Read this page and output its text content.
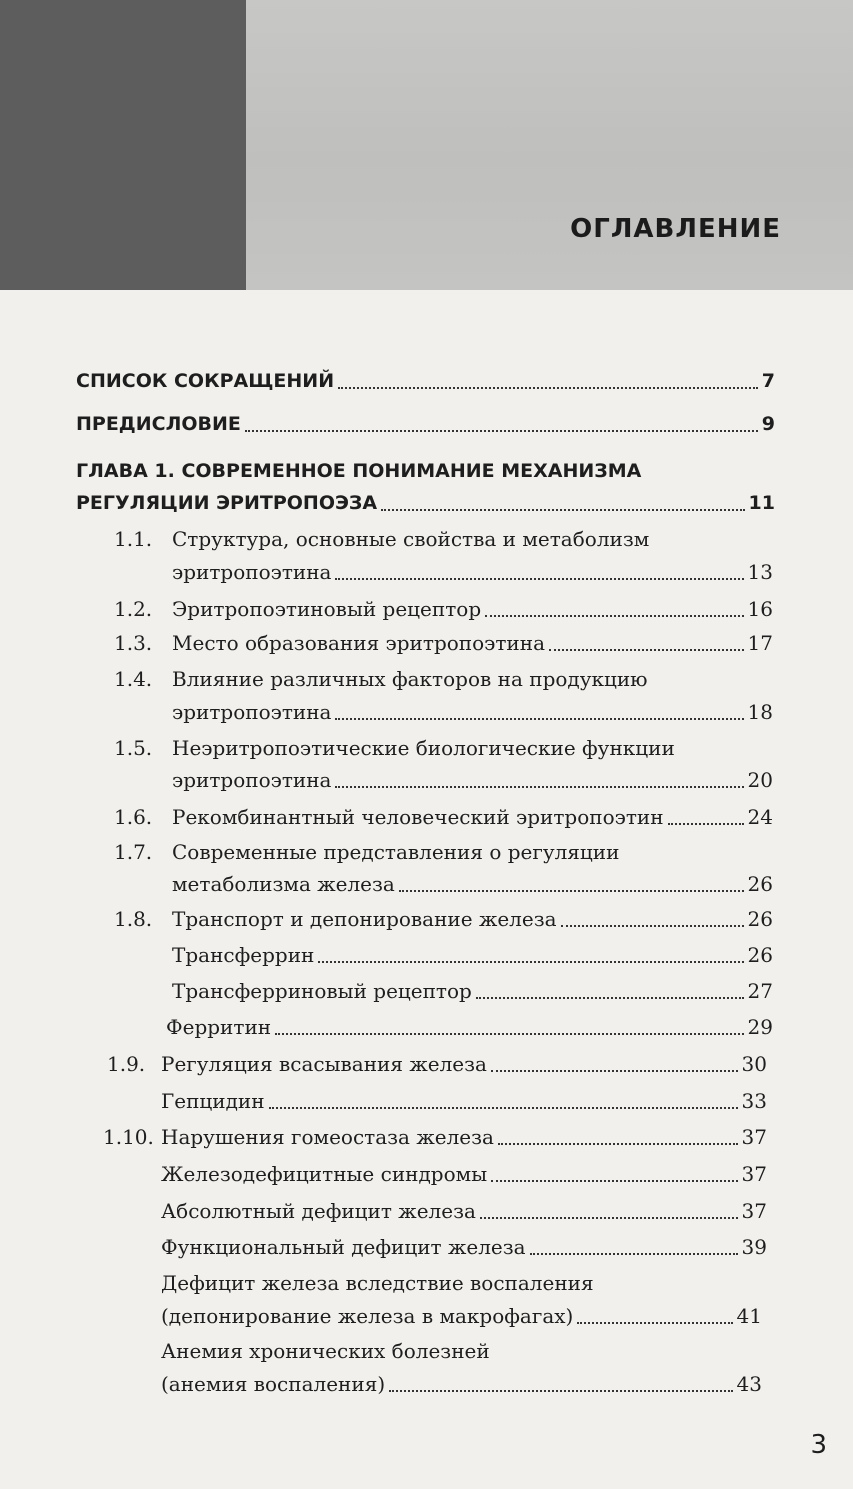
ОГЛАВЛЕНИЕ
СПИСОК СОКРАЩЕНИЙ	7
ПРЕДИСЛОВИЕ	9
ГЛАВА 1. СОВРЕМЕННОЕ ПОНИМАНИЕ МЕХАНИЗМА
РЕГУЛЯЦИИ ЭРИТРОПОЭЗА	11
1.1. Структура, основные свойства и метаболизм
эритропоэтина	13
1.2. Эритропоэтиновый рецептор	16
1.3. Место образования эритропоэтина	17
1.4. Влияние различных факторов на продукцию
эритропоэтина	18
1.5. Неэритропоэтические биологические функции
эритропоэтина	20
1.6. Рекомбинантный человеческий эритропоэтин	24
1.7. Современные представления о регуляции
метаболизма железа	26
1.8. Транспорт и депонирование железа	26
Трансферрин	26
Трансферриновый рецептор	27
Ферритин	29
1.9. Регуляция всасывания железа	30
Гепцидин	33
1.10. Нарушения гомеостаза железа	37
Железодефицитные синдромы	37
Абсолютный дефицит железа	37
Функциональный дефицит железа	39
Дефицит железа вследствие воспаления
(депонирование железа в макрофагах)	41
Анемия хронических болезней
(анемия воспаления)	43
3
